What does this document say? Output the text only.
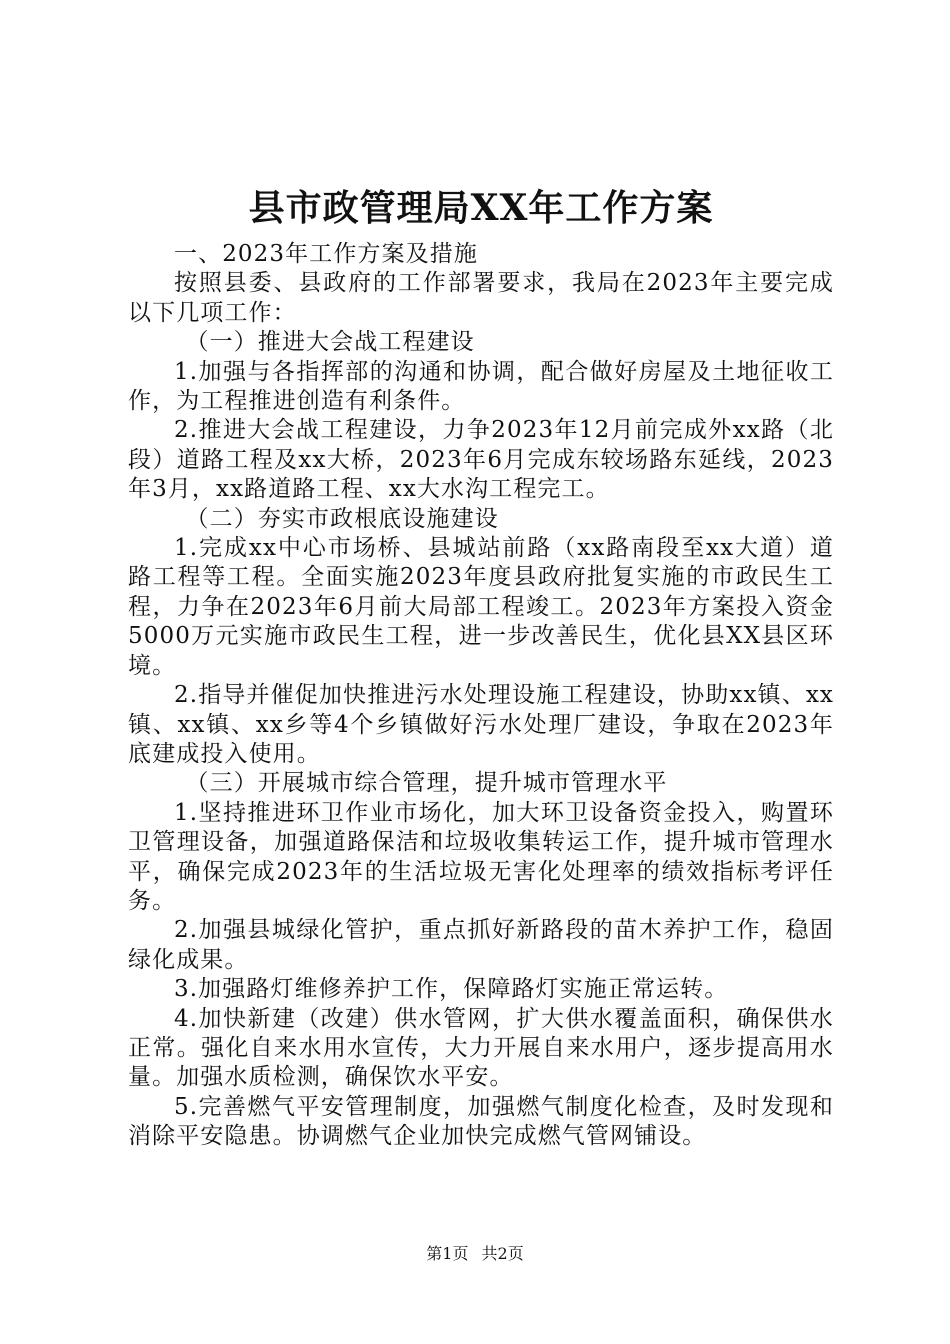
县市政管理局XX年工作方案

一、2023年工作方案及措施

按照县委、县政府的工作部署要求，我局在2023年主要完成以下几项工作：

（一）推进大会战工程建设

1.加强与各指挥部的沟通和协调，配合做好房屋及土地征收工作，为工程推进创造有利条件。

2.推进大会战工程建设，力争2023年12月前完成外xx路（北段）道路工程及xx大桥，2023年6月完成东较场路东延线，2023年3月，xx路道路工程、xx大水沟工程完工。

（二）夯实市政根底设施建设

1.完成xx中心市场桥、县城站前路（xx路南段至xx大道）道路工程等工程。全面实施2023年度县政府批复实施的市政民生工程，力争在2023年6月前大局部工程竣工。2023年方案投入资金5000万元实施市政民生工程，进一步改善民生，优化县XX县区环境。

2.指导并催促加快推进污水处理设施工程建设，协助xx镇、xx镇、xx镇、xx乡等4个乡镇做好污水处理厂建设，争取在2023年底建成投入使用。

（三）开展城市综合管理，提升城市管理水平

1.坚持推进环卫作业市场化，加大环卫设备资金投入，购置环卫管理设备，加强道路保洁和垃圾收集转运工作，提升城市管理水平，确保完成2023年的生活垃圾无害化处理率的绩效指标考评任务。

2.加强县城绿化管护，重点抓好新路段的苗木养护工作，稳固绿化成果。

3.加强路灯维修养护工作，保障路灯实施正常运转。

4.加快新建（改建）供水管网，扩大供水覆盖面积，确保供水正常。强化自来水用水宣传，大力开展自来水用户，逐步提高用水量。加强水质检测，确保饮水平安。

5.完善燃气平安管理制度，加强燃气制度化检查，及时发现和消除平安隐患。协调燃气企业加快完成燃气管网铺设。

第1页 共2页
